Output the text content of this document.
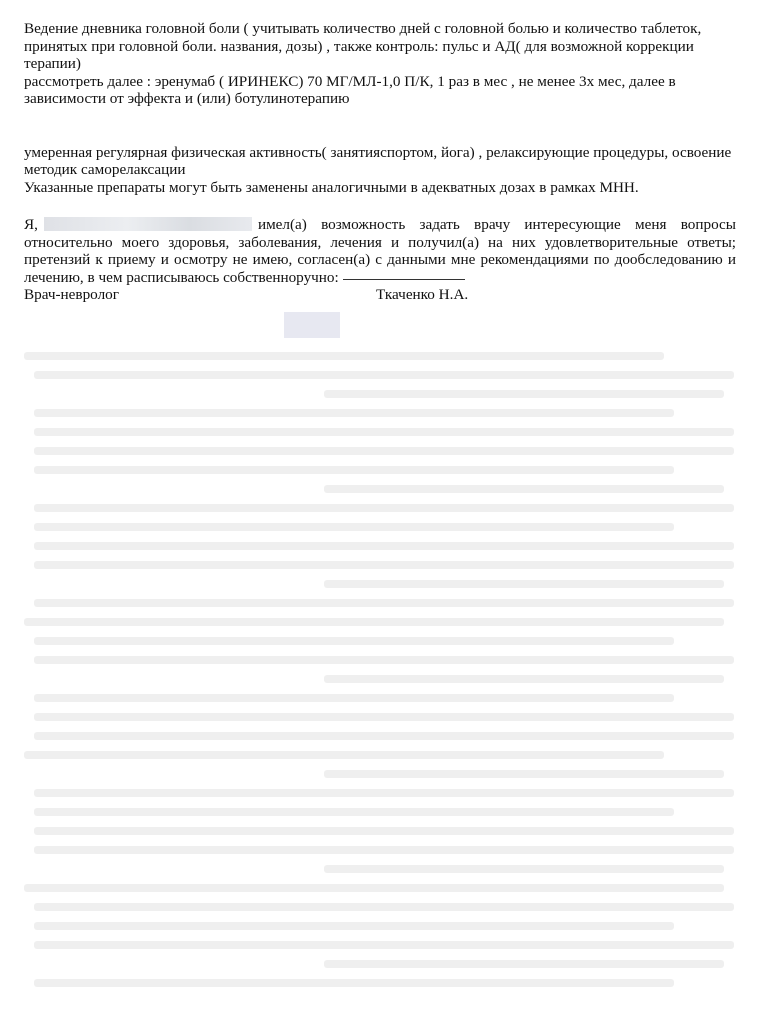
Ведение дневника головной боли ( учитывать количество дней с головной болью и количество таблеток, принятых при головной боли. названия, дозы) , также контроль: пульс и АД( для возможной коррекции терапии)

рассмотреть далее : эренумаб ( ИРИНЕКС) 70 МГ/МЛ-1,0 П/К, 1 раз в мес , не менее 3х мес, далее в зависимости от эффекта и (или) ботулинотерапию

умеренная регулярная физическая активность( занятияспортом, йога) , релаксирующие процедуры, освоение методик саморелаксации

Указанные препараты могут быть заменены аналогичными в адекватных дозах в рамках МНН.

Я,	имел(а) возможность задать врачу интересующие меня вопросы относительно моего здоровья, заболевания, лечения и получил(а) на них удовлетворительные ответы; претензий к приему и осмотру не имею, согласен(а) с данными мне рекомендациями по дообследованию и лечению, в чем расписываюсь собственноручно:

Врач-невролог	Ткаченко Н.А.
